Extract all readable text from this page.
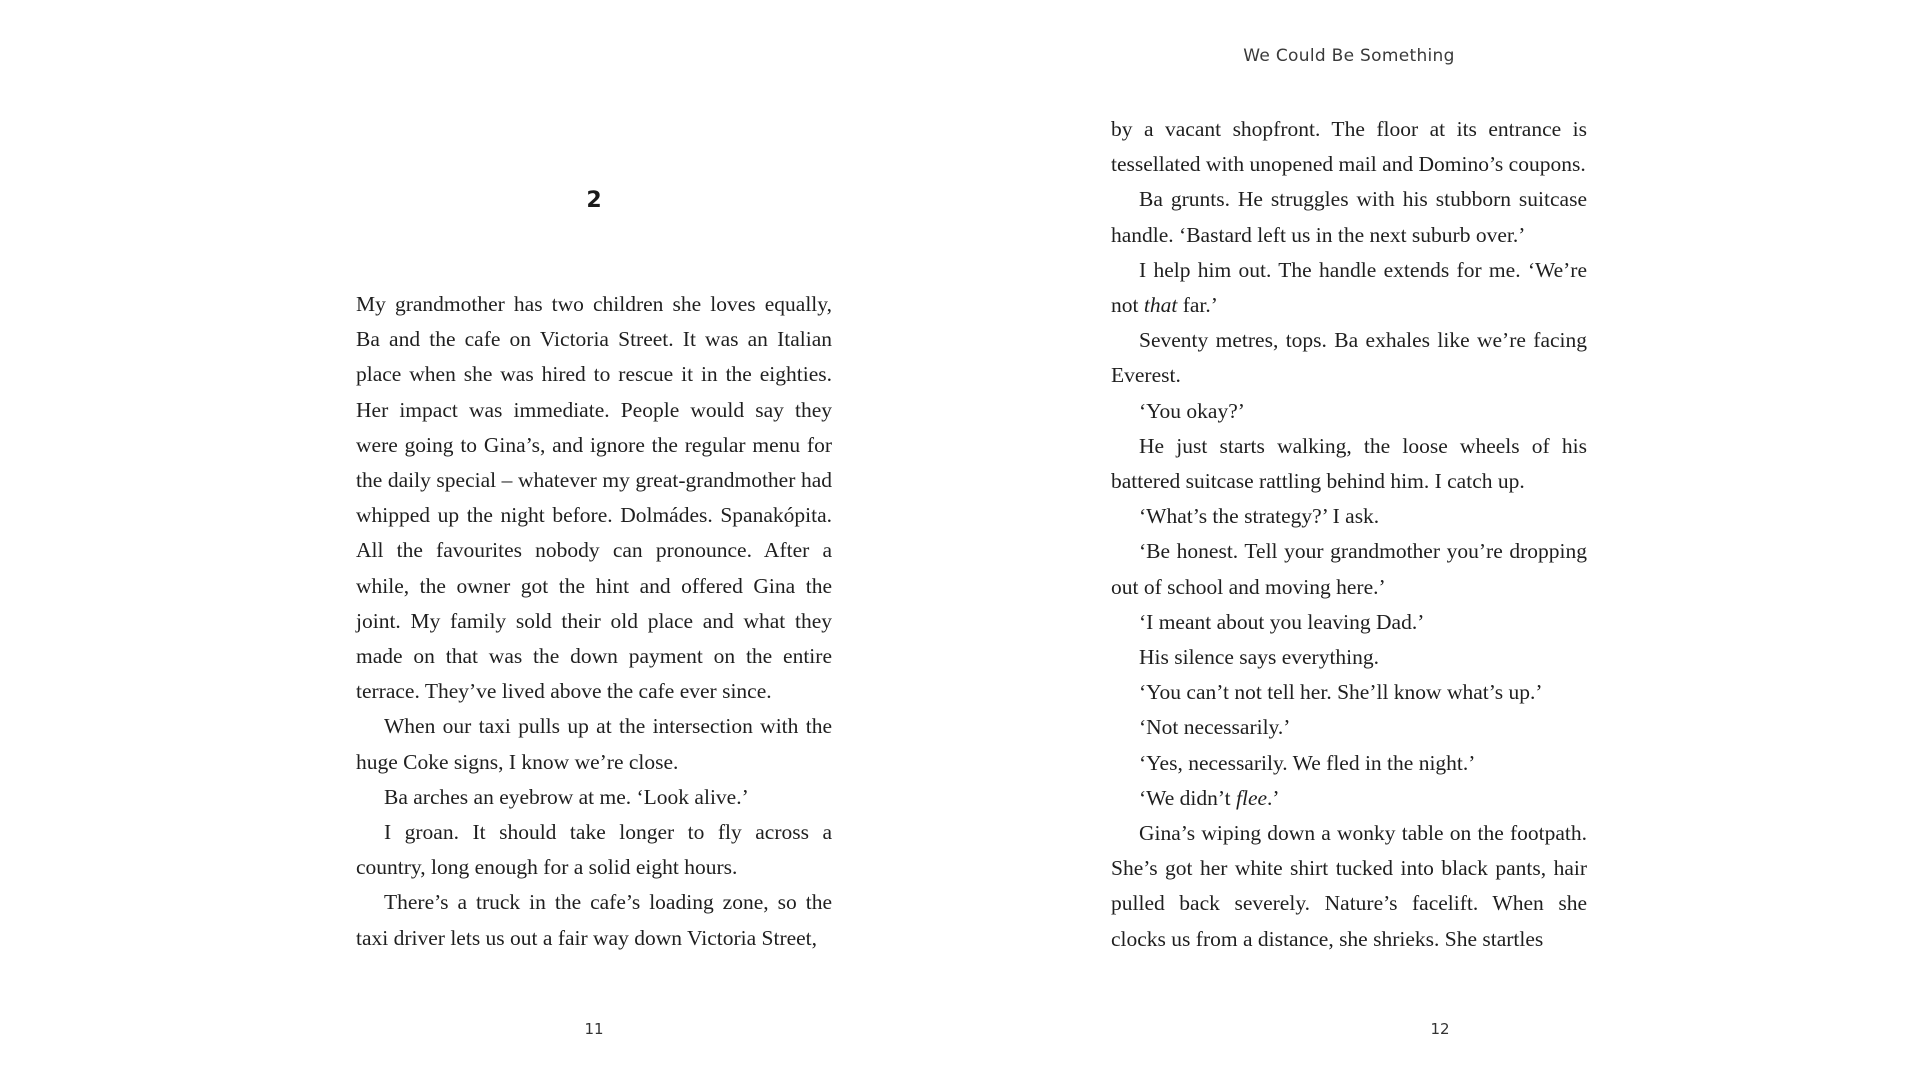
2

My grandmother has two children she loves equally, Ba and the cafe on Victoria Street. It was an Italian place when she was hired to rescue it in the eighties. Her impact was immediate. People would say they were going to Gina’s, and ignore the regular menu for the daily special – whatever my great-grandmother had whipped up the night before. Dolmádes. Spanakópita. All the favourites nobody can pronounce. After a while, the owner got the hint and offered Gina the joint. My family sold their old place and what they made on that was the down payment on the entire terrace. They’ve lived above the cafe ever since.

When our taxi pulls up at the intersection with the huge Coke signs, I know we’re close.

Ba arches an eyebrow at me. ‘Look alive.’

I groan. It should take longer to fly across a country, long enough for a solid eight hours.

There’s a truck in the cafe’s loading zone, so the taxi driver lets us out a fair way down Victoria Street,

11
We Could Be Something

by a vacant shopfront. The floor at its entrance is tessellated with unopened mail and Domino’s coupons.

Ba grunts. He struggles with his stubborn suitcase handle. ‘Bastard left us in the next suburb over.’

I help him out. The handle extends for me. ‘We’re not that far.’

Seventy metres, tops. Ba exhales like we’re facing Everest.

‘You okay?’

He just starts walking, the loose wheels of his battered suitcase rattling behind him. I catch up.

‘What’s the strategy?’ I ask.

‘Be honest. Tell your grandmother you’re dropping out of school and moving here.’

‘I meant about you leaving Dad.’

His silence says everything.

‘You can’t not tell her. She’ll know what’s up.’

‘Not necessarily.’

‘Yes, necessarily. We fled in the night.’

‘We didn’t flee.’

Gina’s wiping down a wonky table on the footpath. She’s got her white shirt tucked into black pants, hair pulled back severely. Nature’s facelift. When she clocks us from a distance, she shrieks. She startles

12
